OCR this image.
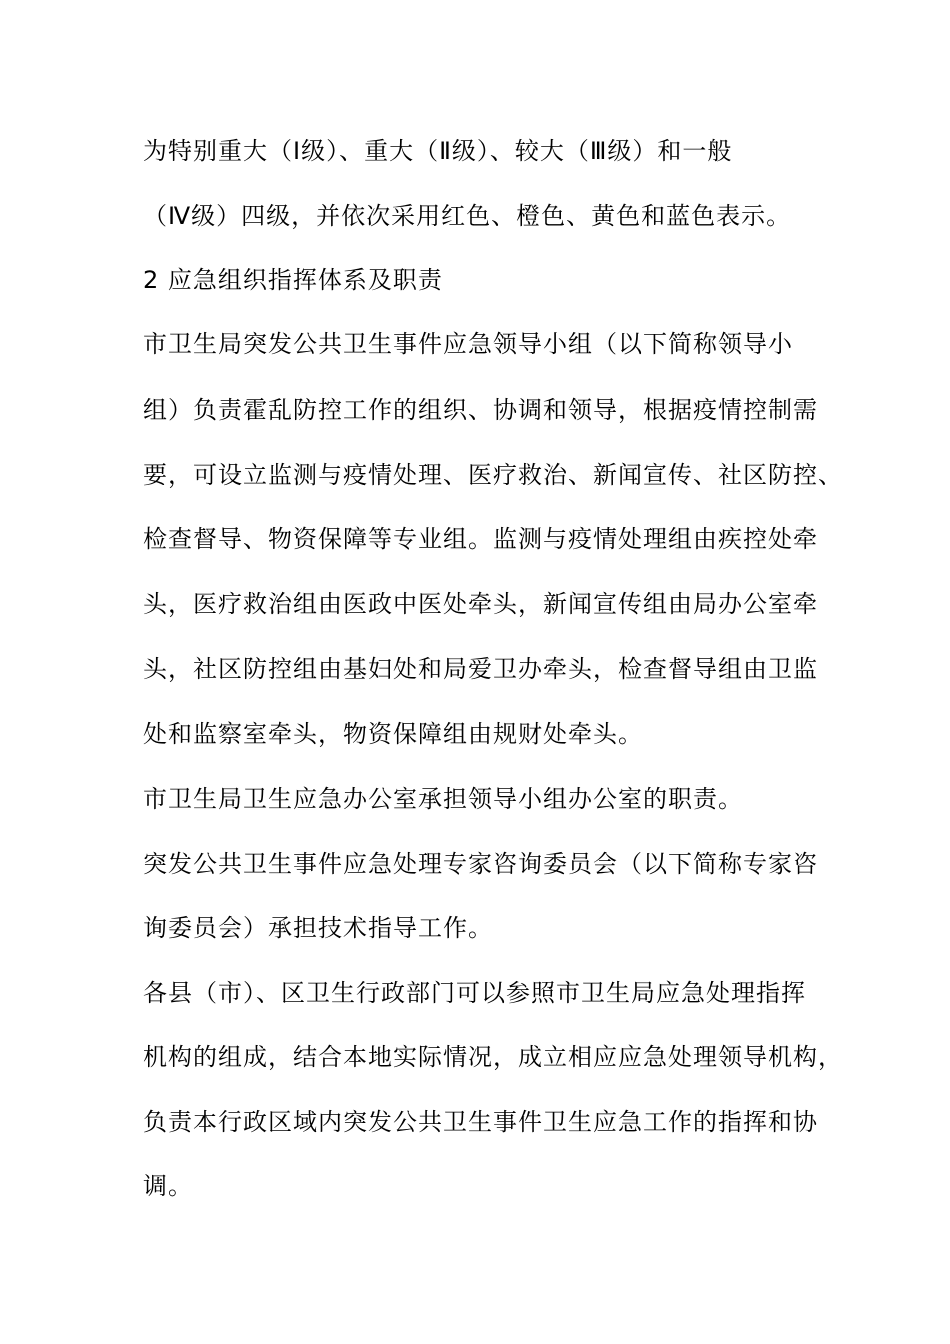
为特别重大（Ⅰ级）、重大（Ⅱ级）、较大（Ⅲ级）和一般
（Ⅳ级）四级，并依次采用红色、橙色、黄色和蓝色表示。
2 应急组织指挥体系及职责
市卫生局突发公共卫生事件应急领导小组（以下简称领导小
组）负责霍乱防控工作的组织、协调和领导，根据疫情控制需
要，可设立监测与疫情处理、医疗救治、新闻宣传、社区防控、
检查督导、物资保障等专业组。监测与疫情处理组由疾控处牵
头，医疗救治组由医政中医处牵头，新闻宣传组由局办公室牵
头，社区防控组由基妇处和局爱卫办牵头，检查督导组由卫监
处和监察室牵头，物资保障组由规财处牵头。
市卫生局卫生应急办公室承担领导小组办公室的职责。
突发公共卫生事件应急处理专家咨询委员会（以下简称专家咨
询委员会）承担技术指导工作。
各县（市）、区卫生行政部门可以参照市卫生局应急处理指挥
机构的组成，结合本地实际情况，成立相应应急处理领导机构，
负责本行政区域内突发公共卫生事件卫生应急工作的指挥和协
调。
